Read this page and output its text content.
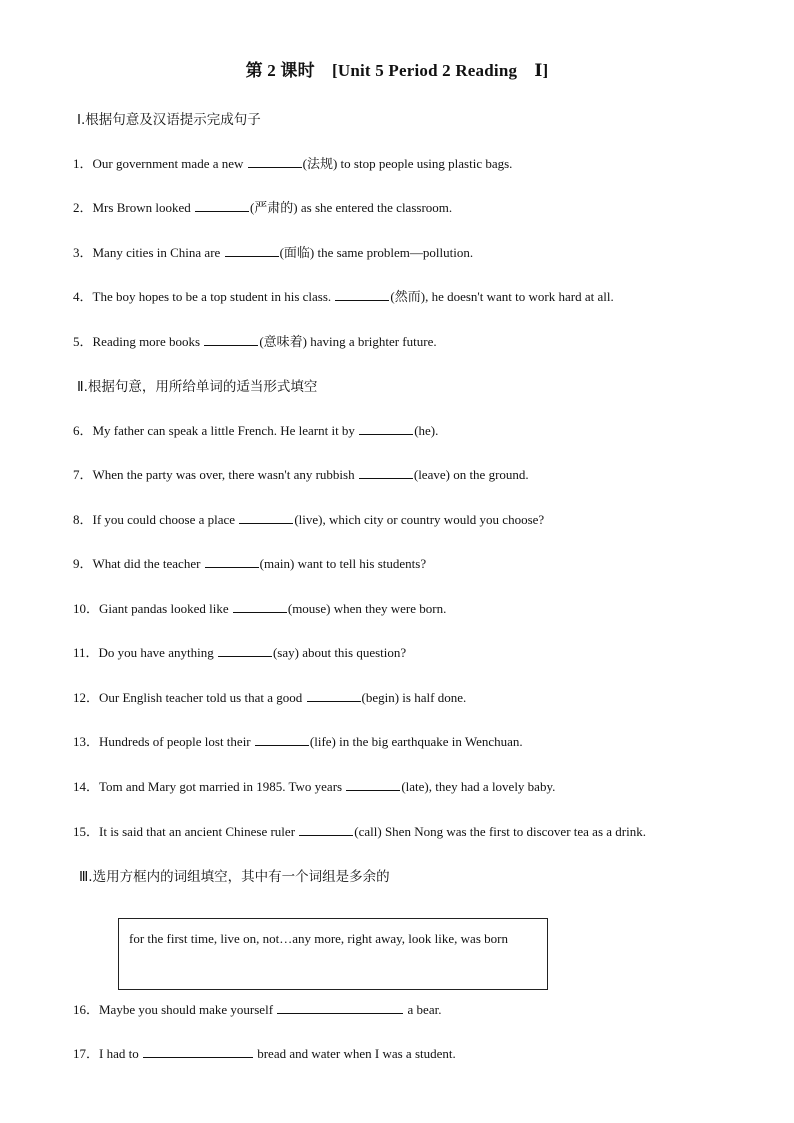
第 2 课时　[Unit 5 Period 2 Reading　Ⅰ]
Ⅰ.根据句意及汉语提示完成句子
1．Our government made a new	(法规) to stop people using plastic bags.
2．Mrs Brown looked	(严肃的) as she entered the classroom.
3．Many cities in China are	(面临) the same problem—pollution.
4．The boy hopes to be a top student in his class.	(然而), he doesn't want to work hard at all.
5．Reading more books	(意味着) having a brighter future.
Ⅱ.根据句意，用所给单词的适当形式填空
6．My father can speak a little French. He learnt it by	(he).
7．When the party was over, there wasn't any rubbish	(leave) on the ground.
8．If you could choose a place	(live), which city or country would you choose?
9．What did the teacher	(main) want to tell his students?
10．Giant pandas looked like	(mouse) when they were born.
11．Do you have anything	(say) about this question?
12．Our English teacher told us that a good	(begin) is half done.
13．Hundreds of people lost their	(life) in the big earthquake in Wenchuan.
14．Tom and Mary got married in 1985. Two years	(late), they had a lovely baby.
15．It is said that an ancient Chinese ruler	(call) Shen Nong was the first to discover tea as a drink.
Ⅲ.选用方框内的词组填空，其中有一个词组是多余的
for the first time, live on, not…any more, right away, look like, was born
16．Maybe you should make yourself	a bear.
17．I had to	bread and water when I was a student.
